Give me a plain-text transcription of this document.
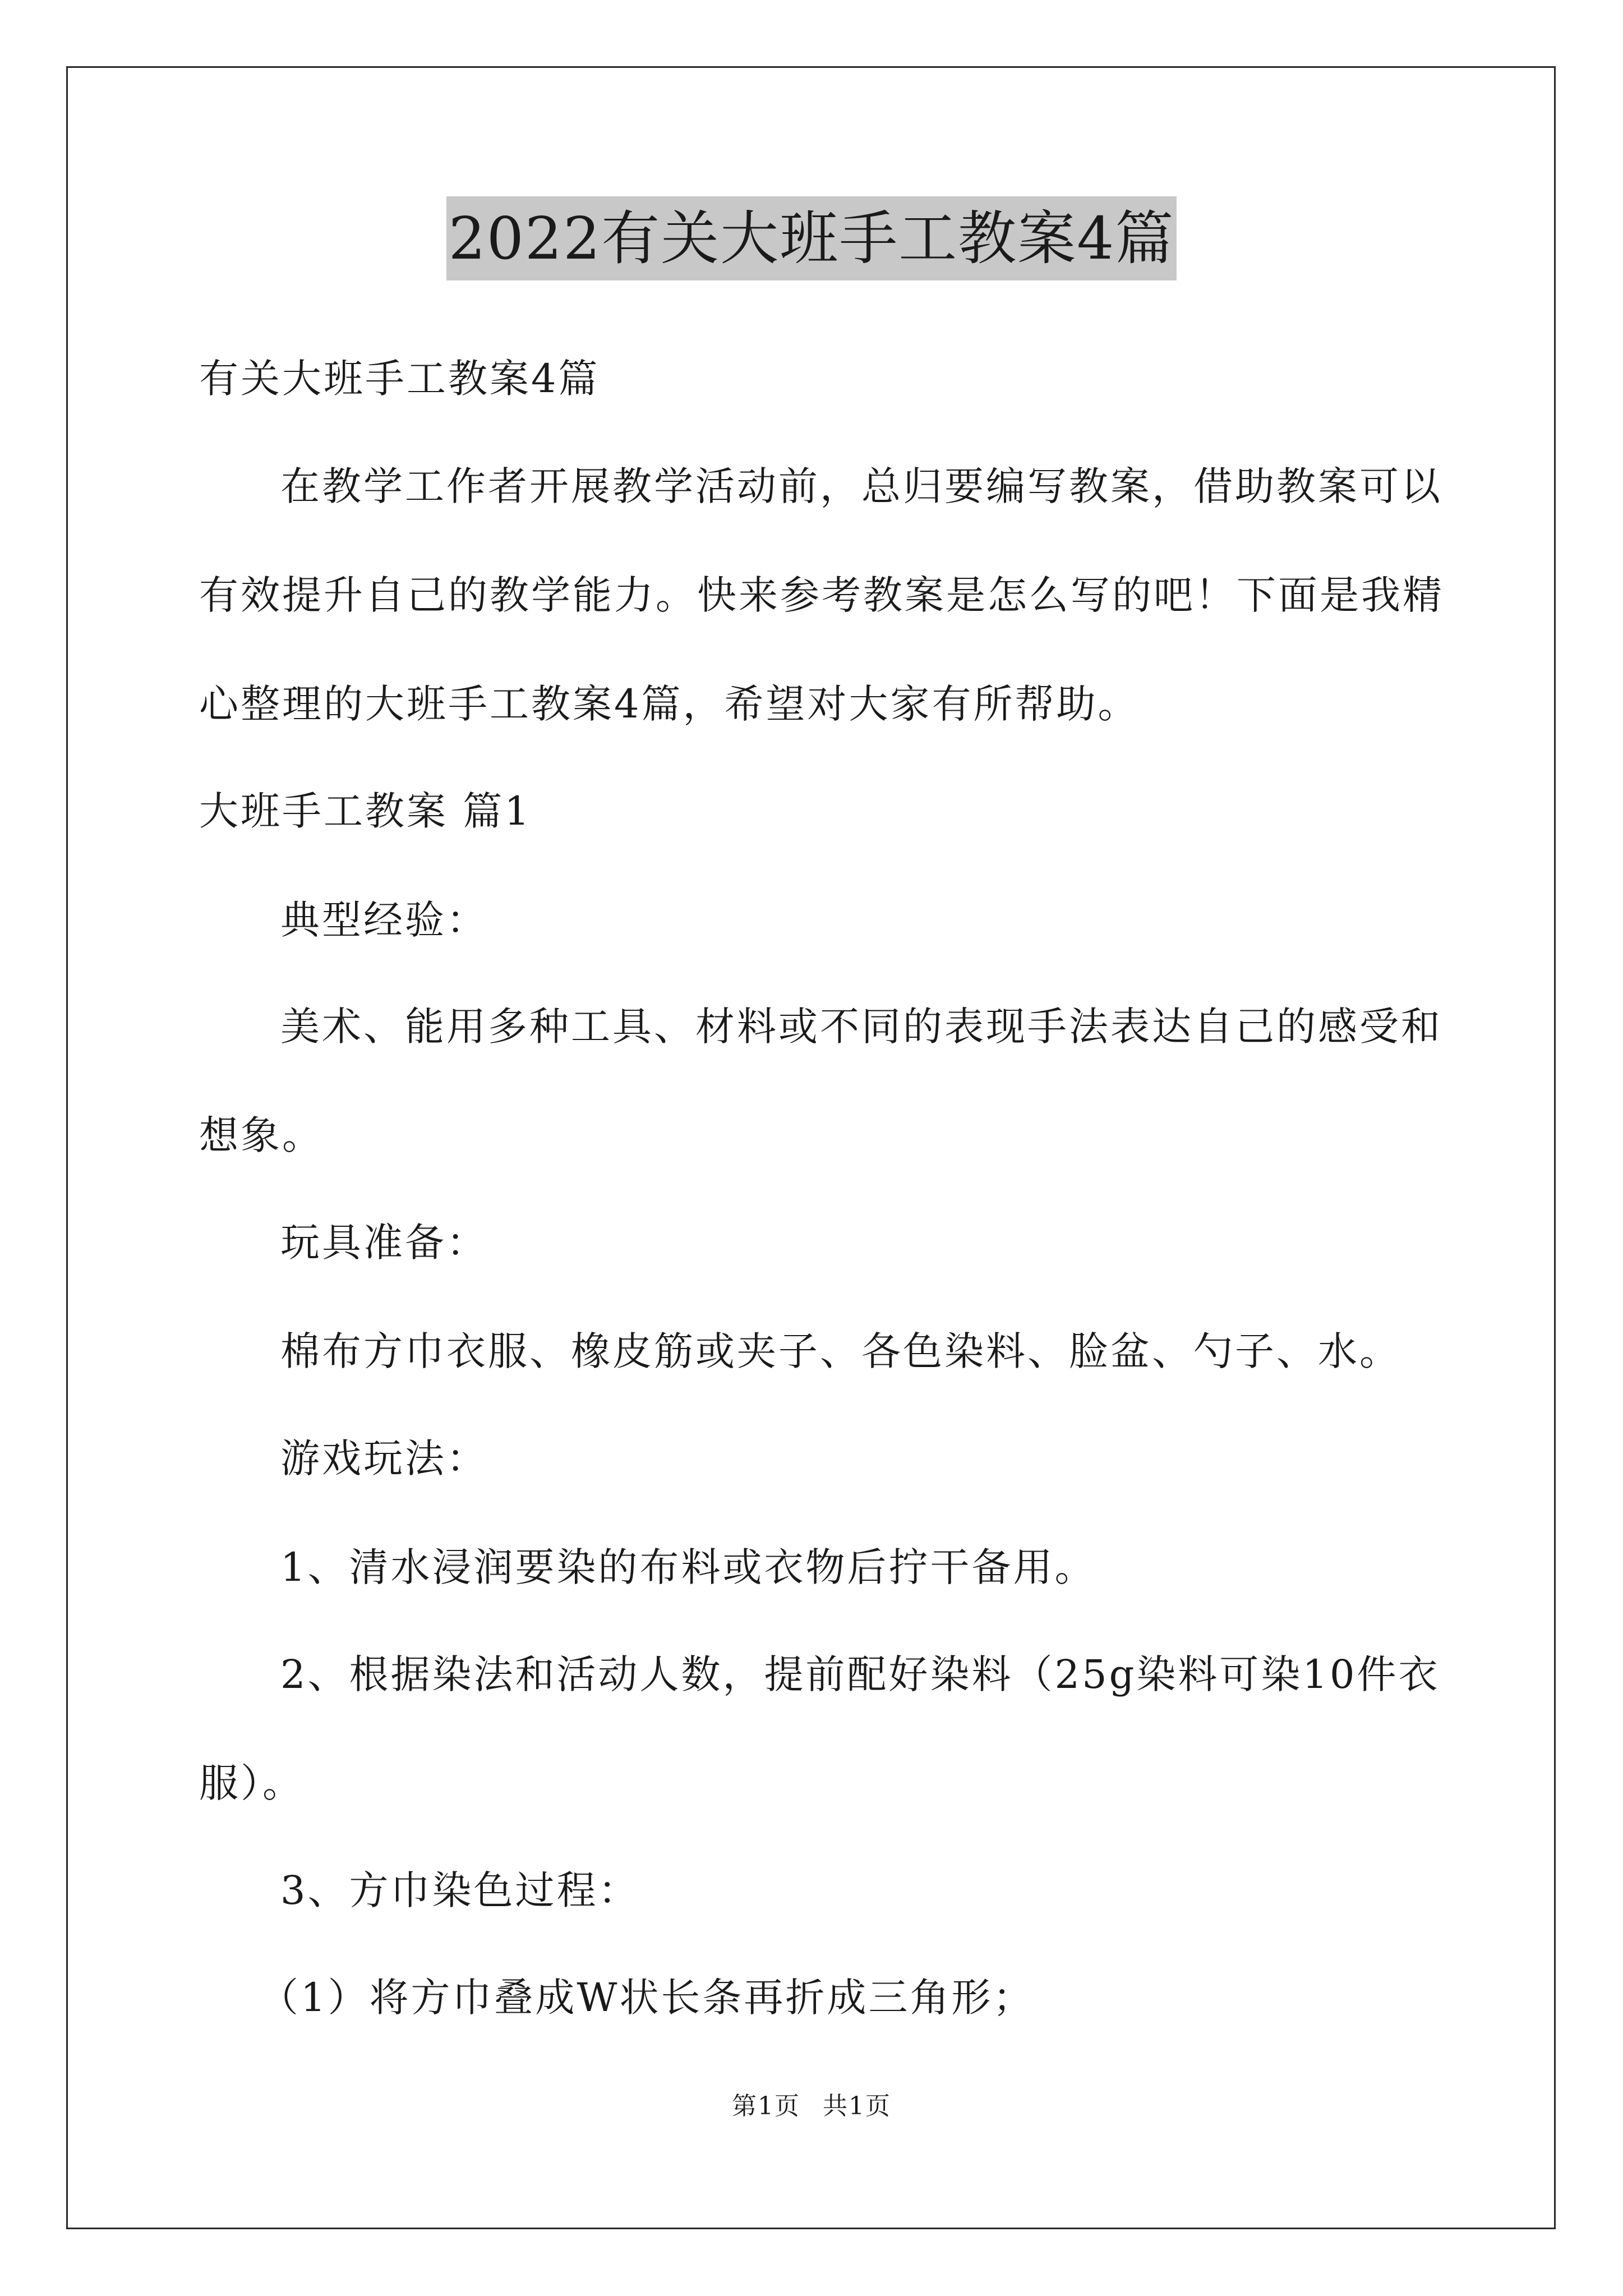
2022有关大班手工教案4篇
有关大班手工教案4篇
在教学工作者开展教学活动前，总归要编写教案，借助教案可以
有效提升自己的教学能力。快来参考教案是怎么写的吧！下面是我精
心整理的大班手工教案4篇，希望对大家有所帮助。
大班手工教案 篇1
典型经验：
美术、能用多种工具、材料或不同的表现手法表达自己的感受和
想象。
玩具准备：
棉布方巾衣服、橡皮筋或夹子、各色染料、脸盆、勺子、水。
游戏玩法：
1、清水浸润要染的布料或衣物后拧干备用。
2、根据染法和活动人数，提前配好染料（25g染料可染10件衣
服）。
3、方巾染色过程：
（1）将方巾叠成W状长条再折成三角形；
第1页 共1页
